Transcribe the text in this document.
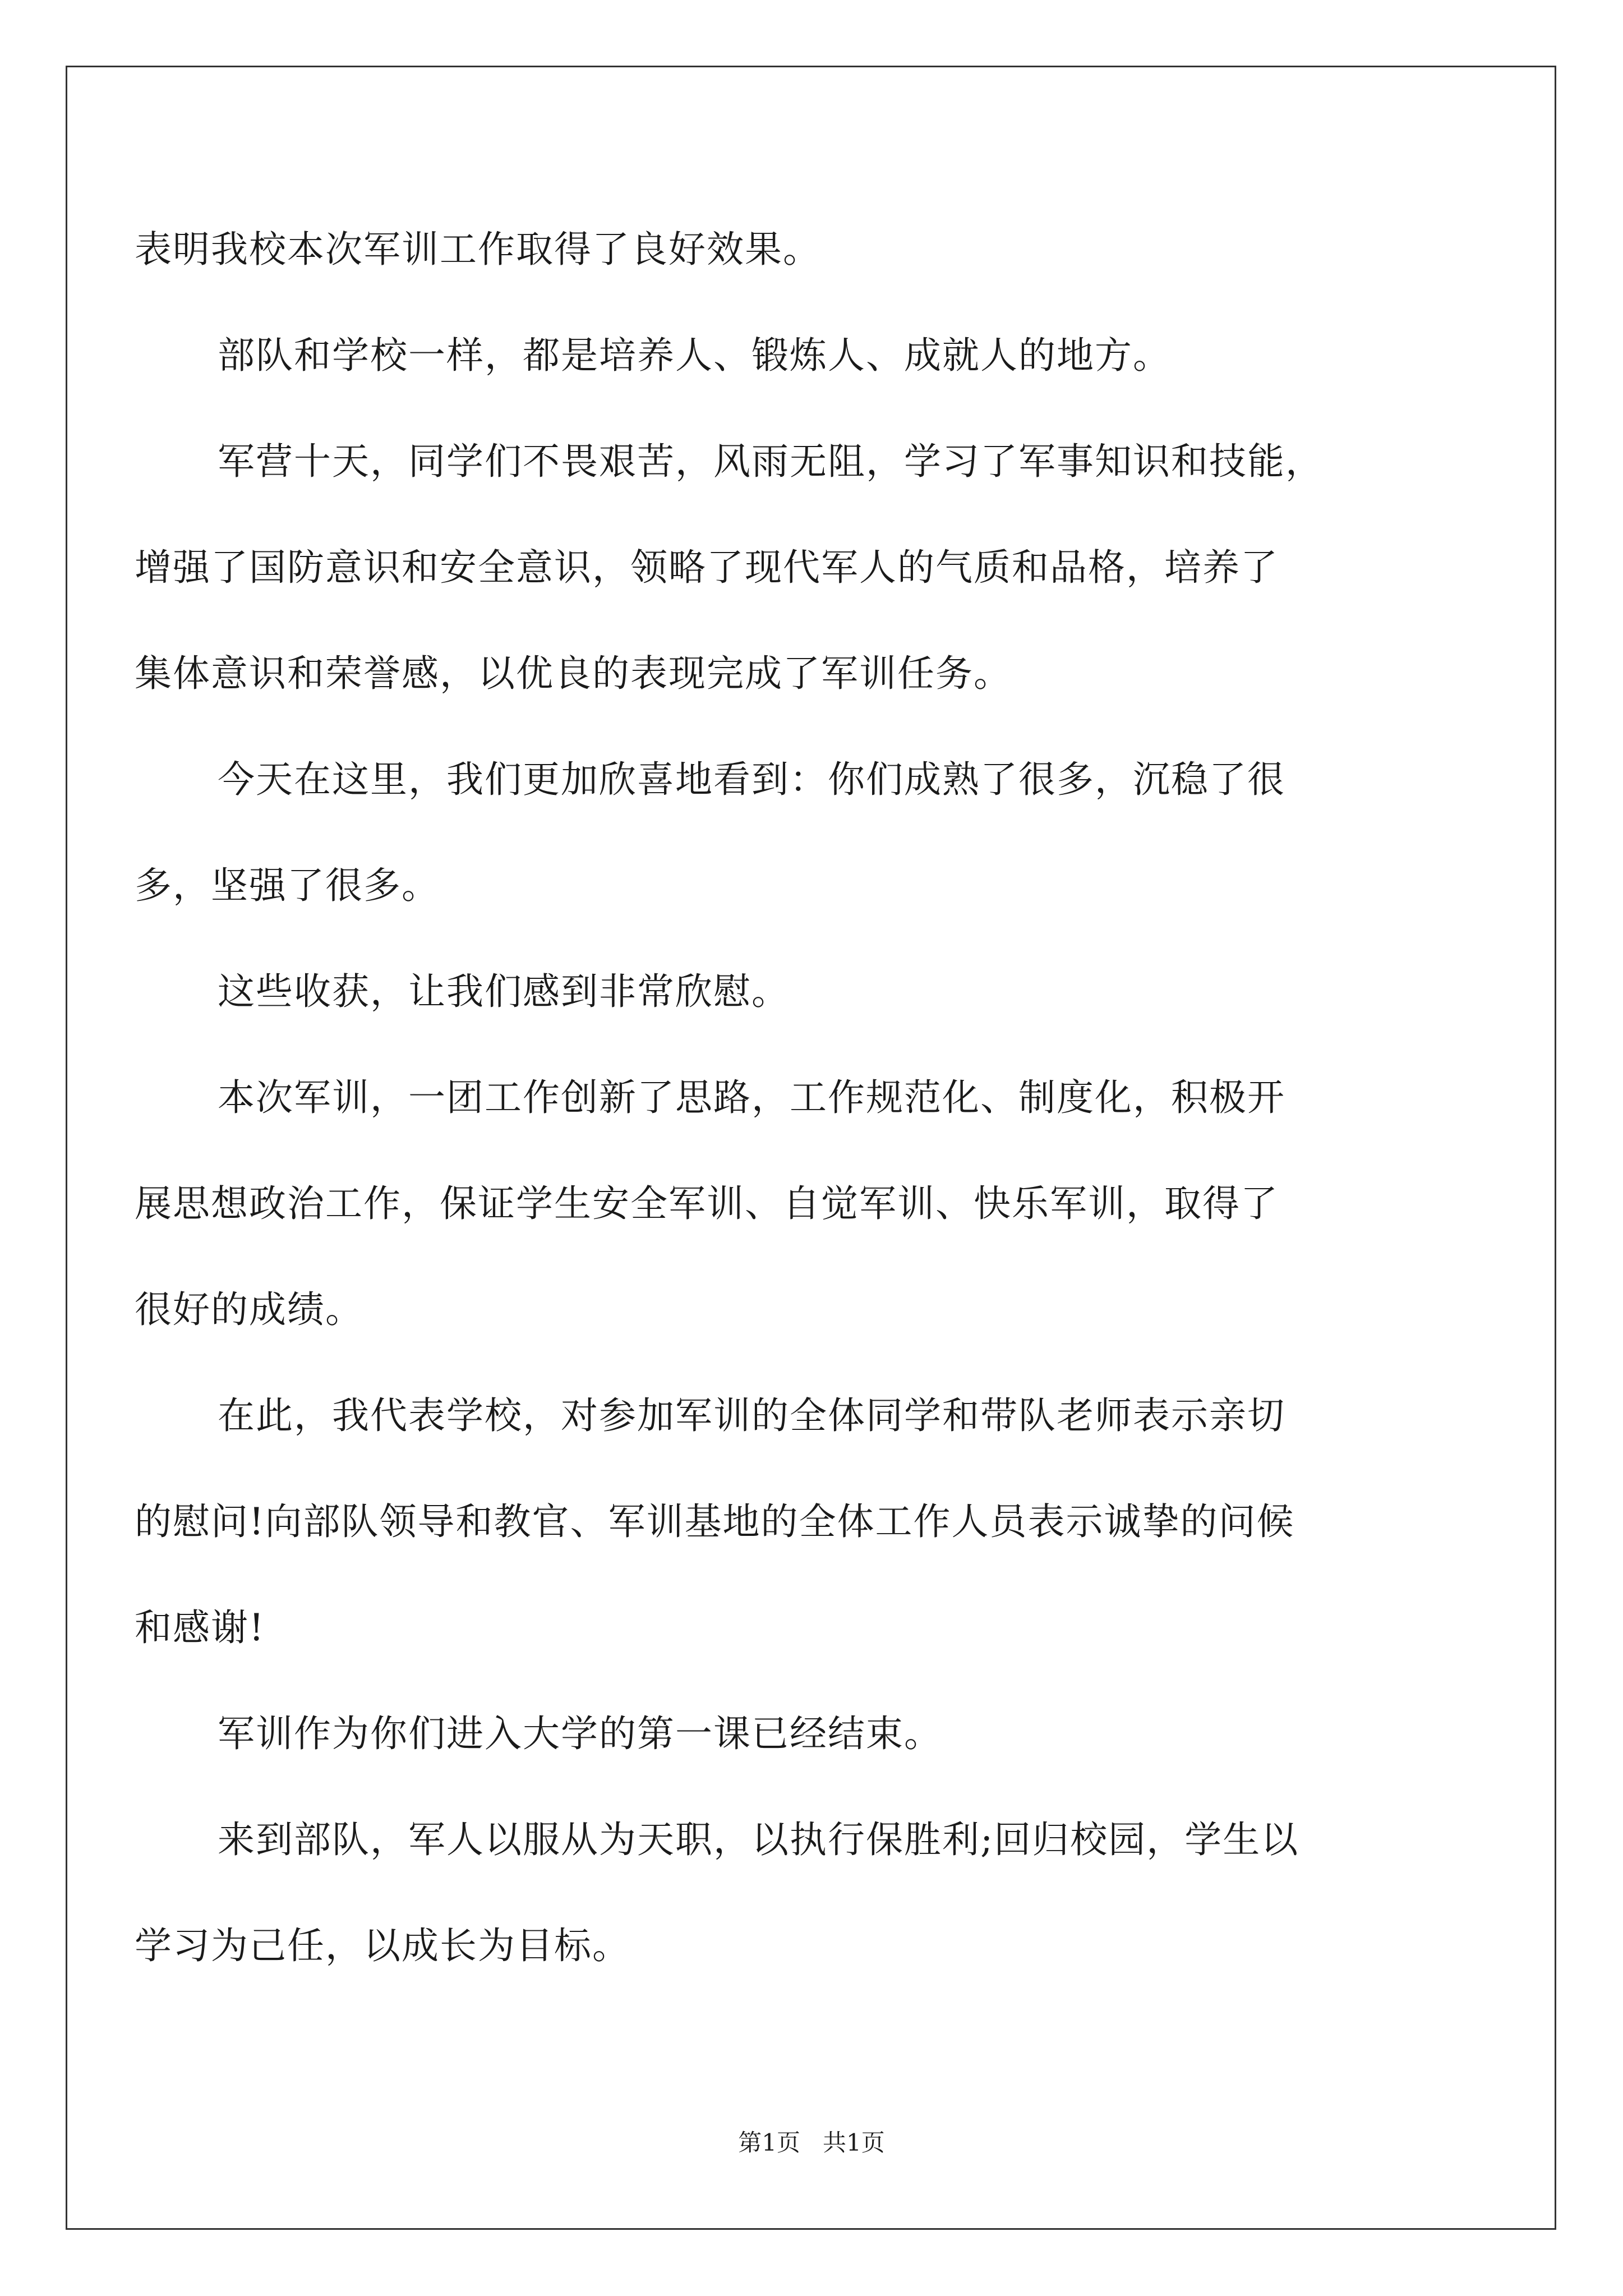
表明我校本次军训工作取得了良好效果。
部队和学校一样，都是培养人、锻炼人、成就人的地方。
军营十天，同学们不畏艰苦，风雨无阻，学习了军事知识和技能，
增强了国防意识和安全意识，领略了现代军人的气质和品格，培养了
集体意识和荣誉感，以优良的表现完成了军训任务。
今天在这里，我们更加欣喜地看到：你们成熟了很多，沉稳了很
多，坚强了很多。
这些收获，让我们感到非常欣慰。
本次军训，一团工作创新了思路，工作规范化、制度化，积极开
展思想政治工作，保证学生安全军训、自觉军训、快乐军训，取得了
很好的成绩。
在此，我代表学校，对参加军训的全体同学和带队老师表示亲切
的慰问!向部队领导和教官、军训基地的全体工作人员表示诚挚的问候
和感谢!
军训作为你们进入大学的第一课已经结束。
来到部队，军人以服从为天职，以执行保胜利;回归校园，学生以
学习为己任，以成长为目标。
第1页   共1页
